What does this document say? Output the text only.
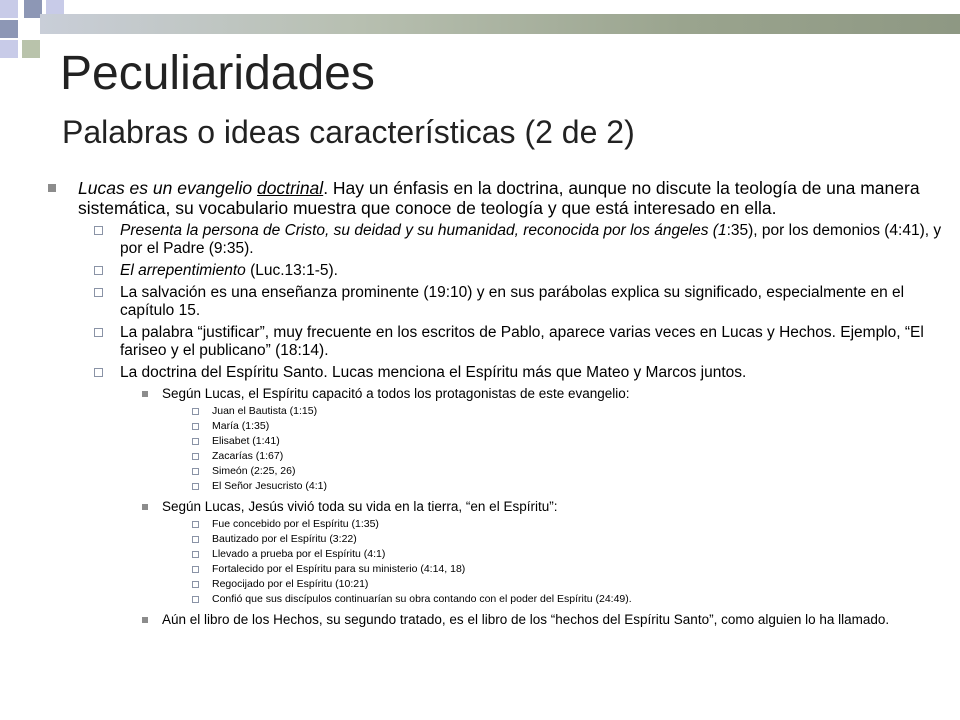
Peculiaridades
Palabras o ideas características (2 de 2)
Lucas es un evangelio doctrinal. Hay un énfasis en la doctrina, aunque no discute la teología de una manera sistemática, su vocabulario muestra que conoce de teología y que está interesado en ella.
Presenta la persona de Cristo, su deidad y su humanidad, reconocida por los ángeles (1:35), por los demonios (4:41), y por el Padre (9:35).
El arrepentimiento (Luc.13:1-5).
La salvación es una enseñanza prominente (19:10) y en sus parábolas explica su significado, especialmente en el capítulo 15.
La palabra “justificar”, muy frecuente en los escritos de Pablo, aparece varias veces en Lucas y Hechos. Ejemplo, “El fariseo y el publicano” (18:14).
La doctrina del Espíritu Santo. Lucas menciona el Espíritu más que Mateo y Marcos juntos.
Según Lucas, el Espíritu capacitó a todos los protagonistas de este evangelio:
Juan el Bautista (1:15)
María (1:35)
Elisabet (1:41)
Zacarías (1:67)
Simeón (2:25, 26)
El Señor Jesucristo (4:1)
Según Lucas, Jesús vivió toda su vida en la tierra, “en el Espíritu”:
Fue concebido por el Espíritu (1:35)
Bautizado por el Espíritu (3:22)
Llevado a prueba por el Espíritu (4:1)
Fortalecido por el Espíritu para su ministerio (4:14, 18)
Regocijado por el Espíritu (10:21)
Confió que sus discípulos continuarían su obra contando con el poder del Espíritu (24:49).
Aún el libro de los Hechos, su segundo tratado, es el libro de los “hechos del Espíritu Santo”, como alguien lo ha llamado.
